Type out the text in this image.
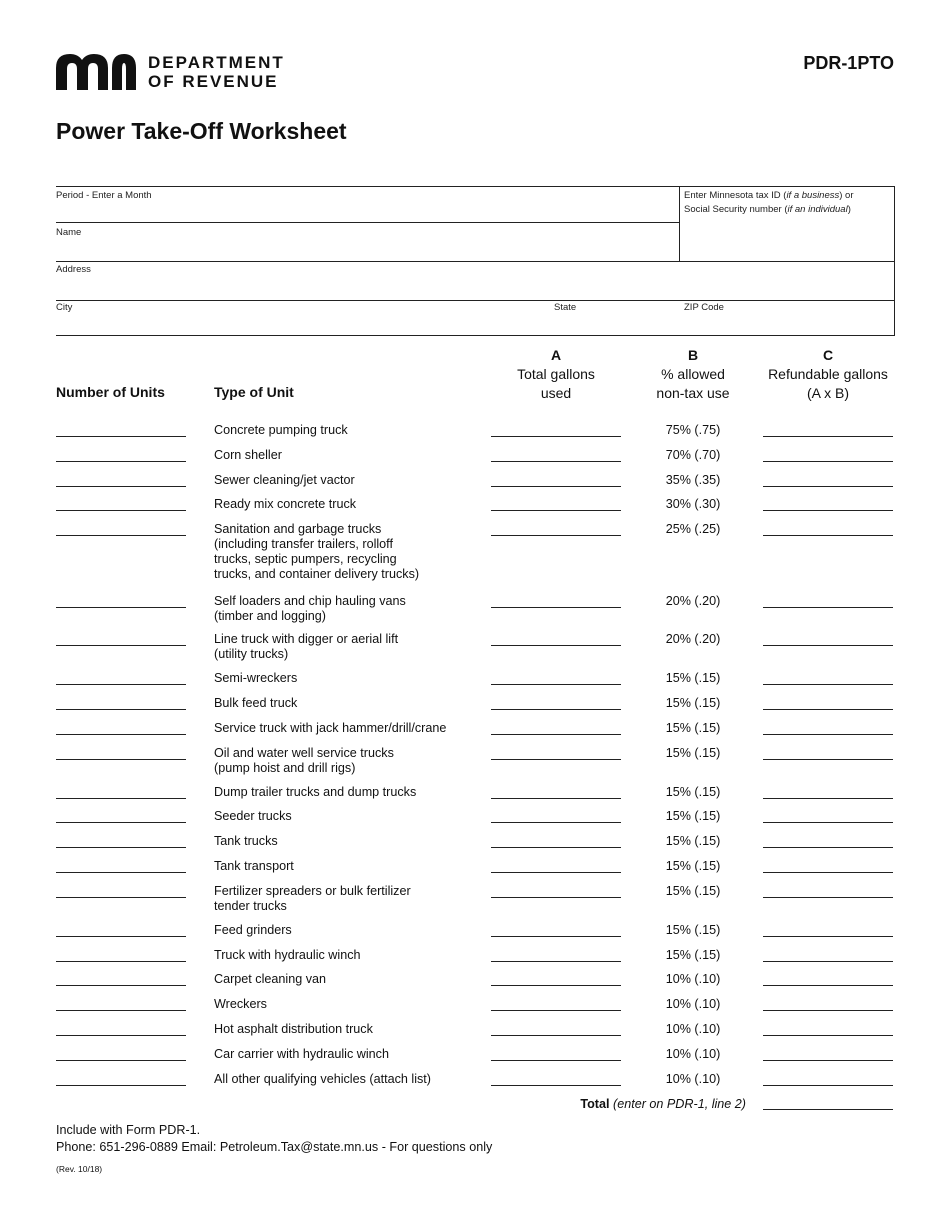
DEPARTMENT
OF REVENUE
PDR-1PTO
Power Take-Off Worksheet
Period - Enter a Month	Enter Minnesota tax ID (if a business) or
Social Security number (if an individual)
Name
Address
City	State	ZIP Code
Number of Units	Type of Unit
A
Total gallons
used
B
% allowed
non-tax use
C
Refundable gallons
(A x B)
Concrete pumping truck	75% (.75)
Corn sheller	70% (.70)
Sewer cleaning/jet vactor	35% (.35)
Ready mix concrete truck	30% (.30)
Sanitation and garbage trucks
(including transfer trailers, rolloff
trucks, septic pumpers, recycling
trucks, and container delivery trucks)
25% (.25)
Self loaders and chip hauling vans
(timber and logging)
20% (.20)
Line truck with digger or aerial lift
(utility trucks)
20% (.20)
Semi-wreckers	15% (.15)
Bulk feed truck	15% (.15)
Service truck with jack hammer/drill/crane	15% (.15)
Oil and water well service trucks
(pump hoist and drill rigs)
15% (.15)
Dump trailer trucks and dump trucks	15% (.15)
Seeder trucks	15% (.15)
Tank trucks	15% (.15)
Tank transport	15% (.15)
Fertilizer spreaders or bulk fertilizer
tender trucks
15% (.15)
Feed grinders	15% (.15)
Truck with hydraulic winch	15% (.15)
Carpet cleaning van	10% (.10)
Wreckers	10% (.10)
Hot asphalt distribution truck	10% (.10)
Car carrier with hydraulic winch	10% (.10)
All other qualifying vehicles (attach list)	10% (.10)
Total (enter on PDR-1, line 2)
Include with Form PDR-1.
Phone: 651-296-0889 Email: Petroleum.Tax@state.mn.us - For questions only
(Rev. 10/18)
